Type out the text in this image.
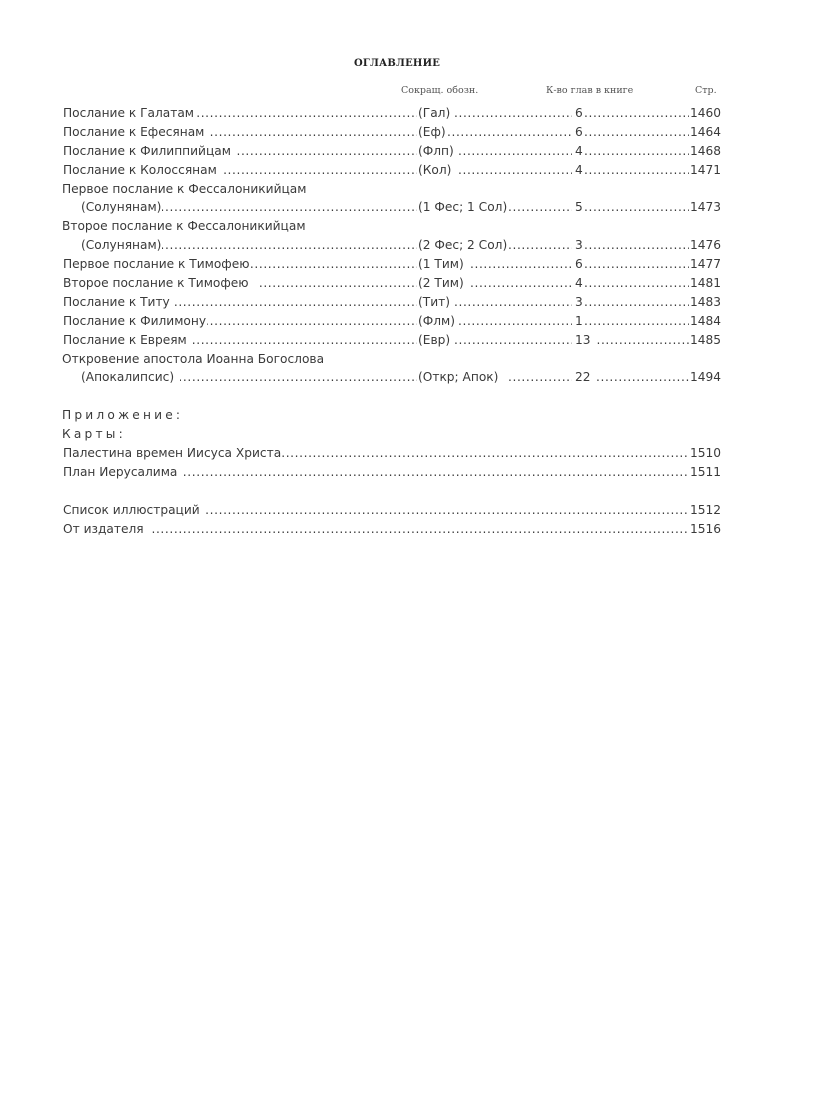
ОГЛАВЛЕНИЕ
Сокращ. обозн.	К-во глав в книге	Стр.
.....
Послание к Галатам .....	(Гал) .....	6	1460
.....
Послание к Ефесянам .....	(Еф) .....	6	1464
.....
Послание к Филиппийцам .....	(Флп) .....	4	1468
.....
Послание к Колоссянам .....	(Кол) .....	4	1471
Первое послание к Фессалоникийцам
.....
(Солунянам) .....	(1 Фес; 1 Сол) .....	5	1473
Второе послание к Фессалоникийцам
.....
(Солунянам) .....	(2 Фес; 2 Сол) .....	3	1476
.....
Первое послание к Тимофею .....	(1 Тим) .....	6	1477
.....
Второе послание к Тимофею .....	(2 Тим) .....	4	1481
.....
Послание к Титу .....	(Тит) .....	3	1483
.....
Послание к Филимону .....	(Флм) .....	1	1484
.....
Послание к Евреям .....	(Евр) .....	13	1485
Откровение апостола Иоанна Богослова
.....
(Апокалипсис) .....	(Откр; Апок) .....	22	1494
Приложение:
Карты:
.....
Палестина времен Иисуса Христа	1510
.....
План Иерусалима	1511
.....
Список иллюстраций	1512
.....
От издателя	1516
